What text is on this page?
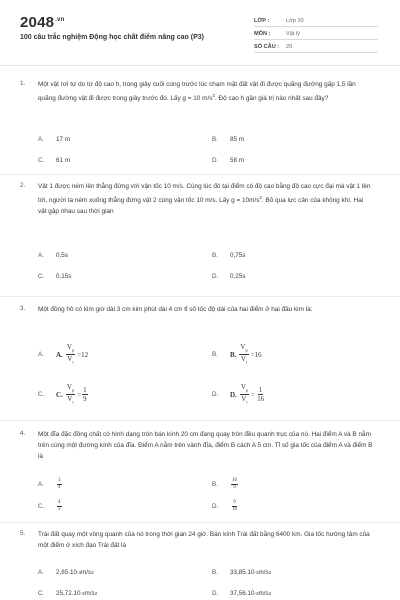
$2048^{.vn}$
100 câu trắc nghiệm Động học chất điểm nâng cao (P3)
LỚP :	Lớp 10
MÔN :	Vật lý
SỐ CÂU :	20
1. Một vật rơi tự do từ độ cao h, trong giây cuối cùng trước lúc chạm mặt đất vật đi được quãng đường gấp 1,5 lần quãng đường vật đi được trong giây trước đó. Lấy g = 10 $m/s^2$. Độ cao h gần giá trị nào nhất sau đây?
A.	17 m	B.	85 m
C.	61 m	D.	58 m
2. Vật 1 được ném lên thẳng đứng với vận tốc 10 m/s. Cùng lúc đó tại điểm có độ cao bằng độ cao cực đại mà vật 1 lên tới, người ta ném xuống thẳng đứng vật 2 cùng vận tốc 10 m/s. Lấy $g = 10m/s^2$. Bỏ qua lực cản của không khí. Hai vật gặp nhau sau thời gian
A.	0,5s	B.	0,75s
C.	0,15s	D.	0,25s
3. Một đồng hồ có kim giờ dài 3 cm kim phút dài 4 cm tỉ số tốc độ dài của hai điểm ở hai đầu kim là:
A.	A. $\frac{V_p}{V_t} =12$	B.	B. $\frac{V_p}{V_t} =16$
C.	C. $\frac{V_p}{V_t} = \frac{1}{9}$	D.	D. $\frac{V_p}{V_t} = \frac{1}{16}$
4. Một đĩa đặc đồng chất có hình dạng tròn bán kính 20 cm đang quay tròn đều quanh trục của nó. Hai điểm A và B nằm trên cùng một đường kính của đĩa. Điểm A nằm trên vành đĩa, điểm B cách A 5 cm. Tỉ số gia tốc của điểm A và điểm B là
A.	$\frac{3}{4}$	B.	$\frac{16}{9}$
C.	$\frac{4}{3}$	D.	$\frac{9}{16}$
5. Trái đất quay một vòng quanh của nó trong thời gian 24 giờ. Bán kính Trái đất bằng 6400 km. Gia tốc hướng tâm của một điểm ở xích đạo Trái đất là
A.	2,65.10 -3 m/s 2	B.	33,85.10 -3 m/s 2
C.	25,72.10 -3 m/s 2	D.	37,56.10 -3 m/s 2
